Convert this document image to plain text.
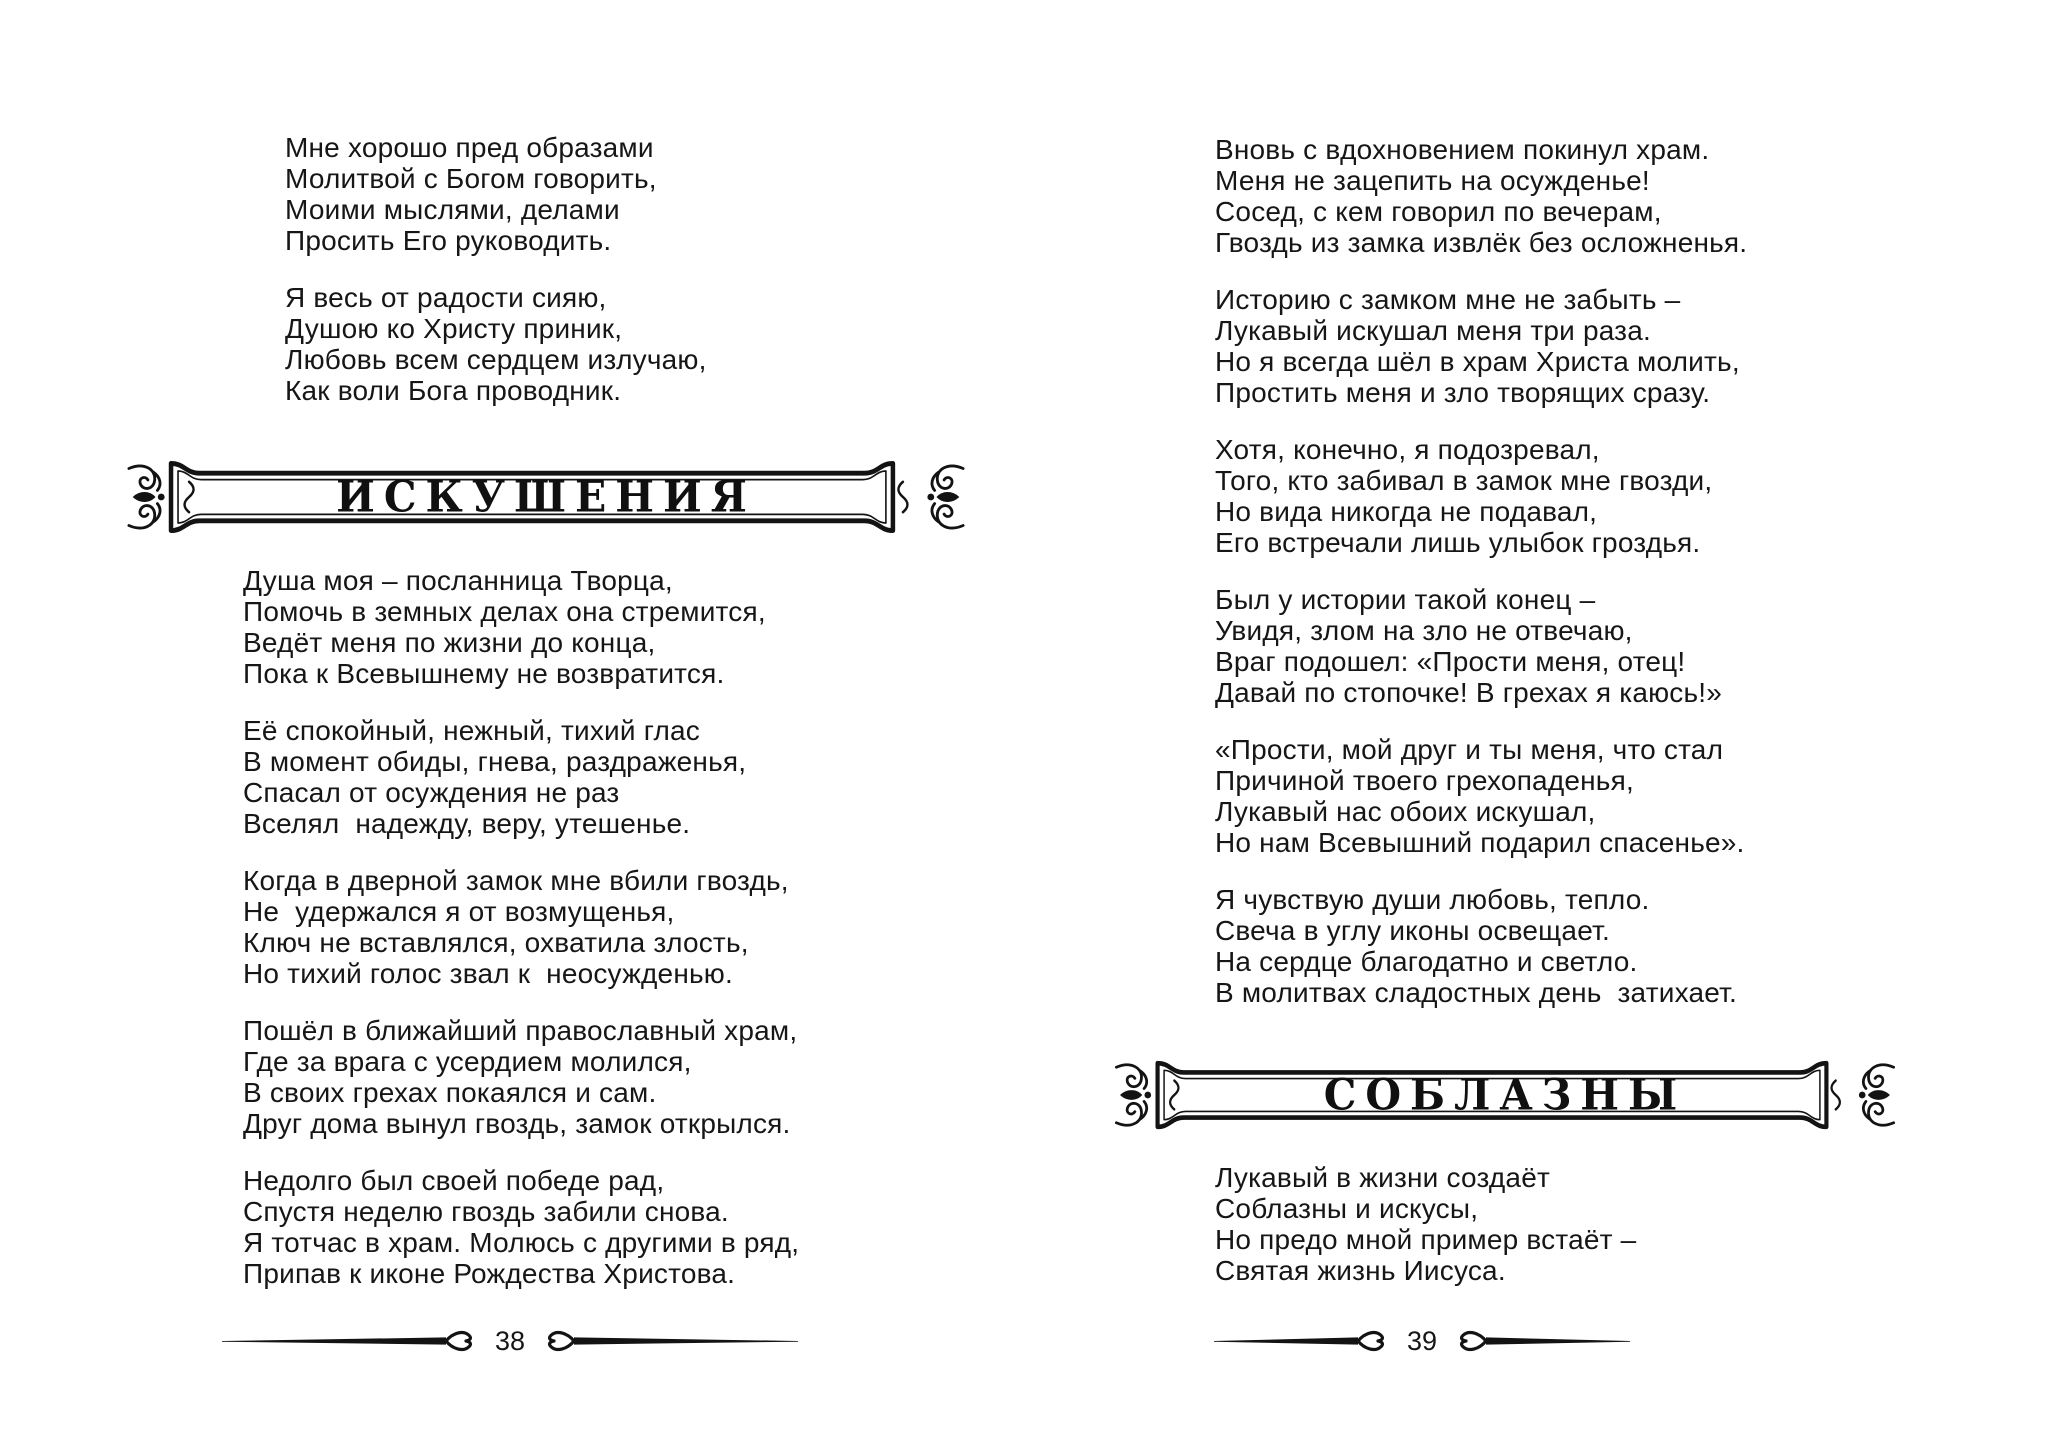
Мне хорошо пред образами
Молитвой с Богом говорить,
Моими мыслями, делами
Просить Его руководить.
Я весь от радости сияю,
Душою ко Христу приник,
Любовь всем сердцем излучаю,
Как воли Бога проводник.
ИСКУШЕНИЯ
Душа моя – посланница Творца,
Помочь в земных делах она стремится,
Ведёт меня по жизни до конца,
Пока к Всевышнему не возвратится.
Её спокойный, нежный, тихий глас
В момент обиды, гнева, раздраженья,
Спасал от осуждения не раз
Вселял  надежду, веру, утешенье.
Когда в дверной замок мне вбили гвоздь,
Не  удержался я от возмущенья,
Ключ не вставлялся, охватила злость,
Но тихий голос звал к  неосужденью.
Пошёл в ближайший православный храм,
Где за врага с усердием молился,
В своих грехах покаялся и сам.
Друг дома вынул гвоздь, замок открылся.
Недолго был своей победе рад,
Спустя неделю гвоздь забили снова.
Я тотчас в храм. Молюсь с другими в ряд,
Припав к иконе Рождества Христова.
38
Вновь с вдохновением покинул храм.
Меня не зацепить на осужденье!
Сосед, с кем говорил по вечерам,
Гвоздь из замка извлёк без осложненья.
Историю с замком мне не забыть –
Лукавый искушал меня три раза.
Но я всегда шёл в храм Христа молить,
Простить меня и зло творящих сразу.
Хотя, конечно, я подозревал,
Того, кто забивал в замок мне гвозди,
Но вида никогда не подавал,
Его встречали лишь улыбок гроздья.
Был у истории такой конец –
Увидя, злом на зло не отвечаю,
Враг подошел: «Прости меня, отец!
Давай по стопочке! В грехах я каюсь!»
«Прости, мой друг и ты меня, что стал
Причиной твоего грехопаденья,
Лукавый нас обоих искушал,
Но нам Всевышний подарил спасенье».
Я чувствую души любовь, тепло.
Свеча в углу иконы освещает.
На сердце благодатно и светло.
В молитвах сладостных день  затихает.
СОБЛАЗНЫ
Лукавый в жизни создаёт
Соблазны и искусы,
Но предо мной пример встаёт –
Святая жизнь Иисуса.
39
